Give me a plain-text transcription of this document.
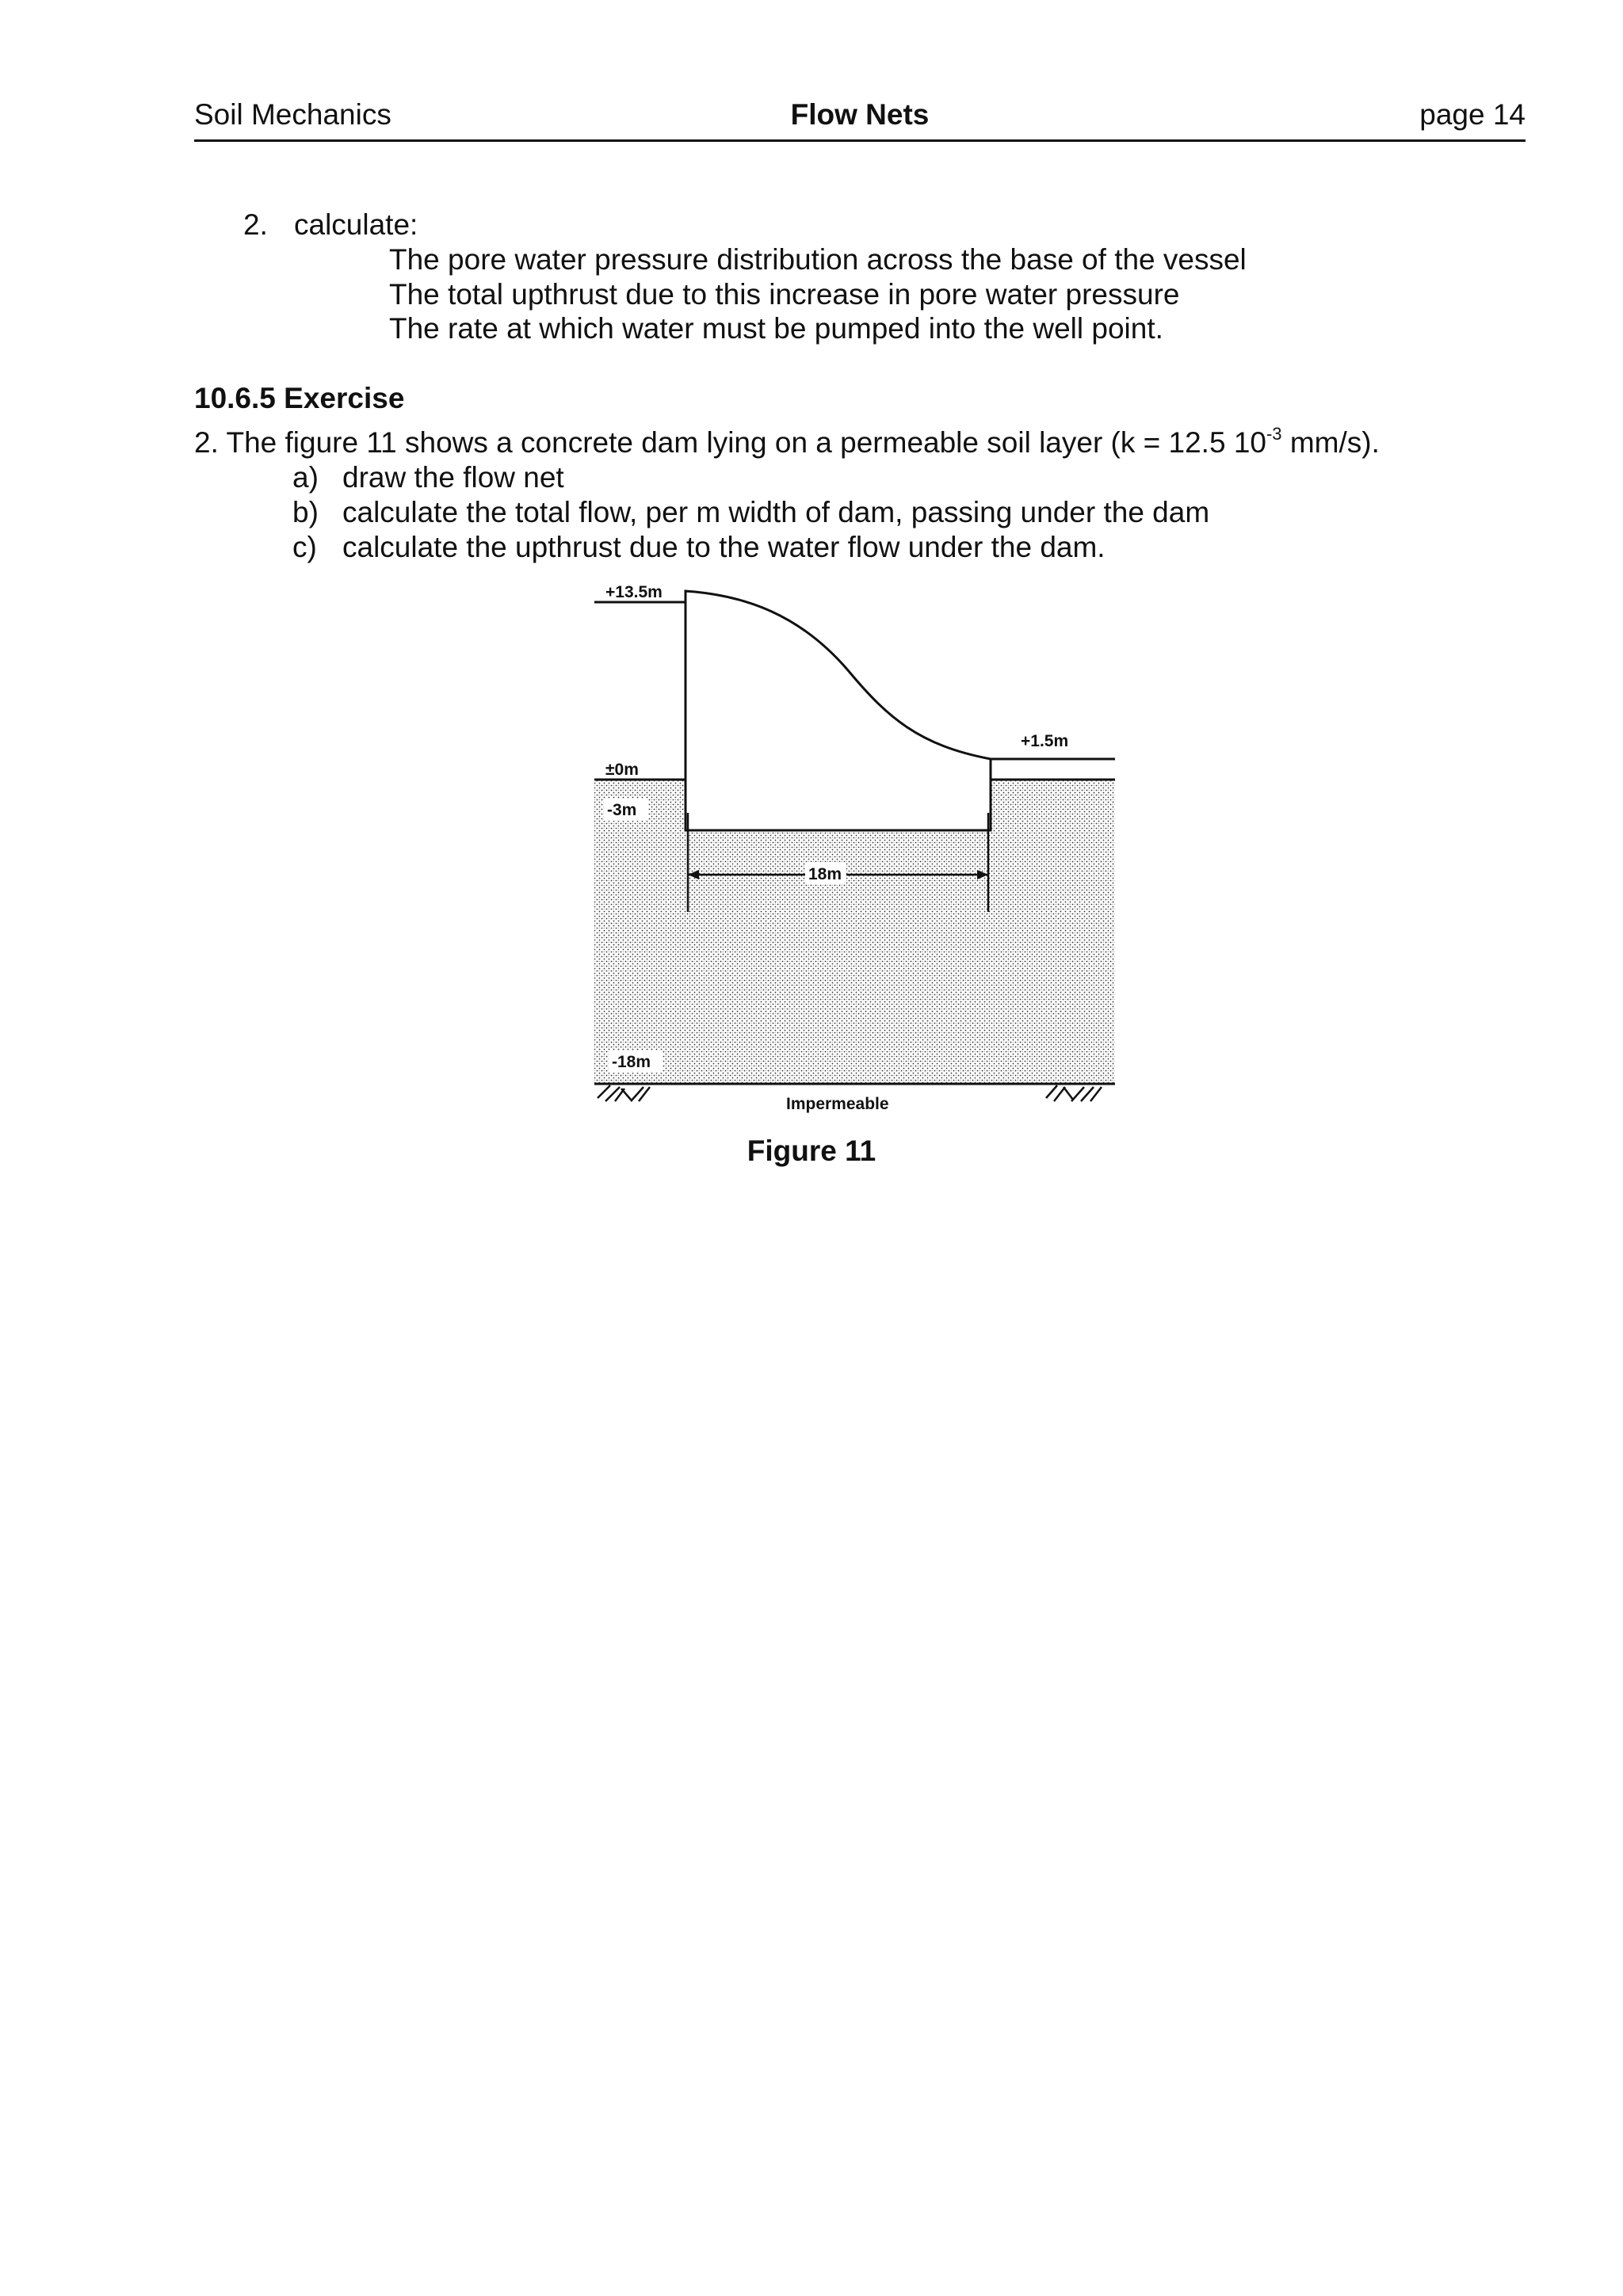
Soil Mechanics	Flow Nets	page 14
2. calculate:
The pore water pressure distribution across the base of the vessel
The total upthrust due to this increase in pore water pressure
The rate at which water must be pumped into the well point.
10.6.5 Exercise
2. The figure 11 shows a concrete dam lying on a permeable soil layer (k = 12.5 $10^{-3}$ mm/s).
a) draw the flow net
b) calculate the total flow, per m width of dam, passing under the dam
c) calculate the upthrust due to the water flow under the dam.
+13.5m
+1.5m
±0m
-3m
18m
-18m
Impermeable
Figure 11
